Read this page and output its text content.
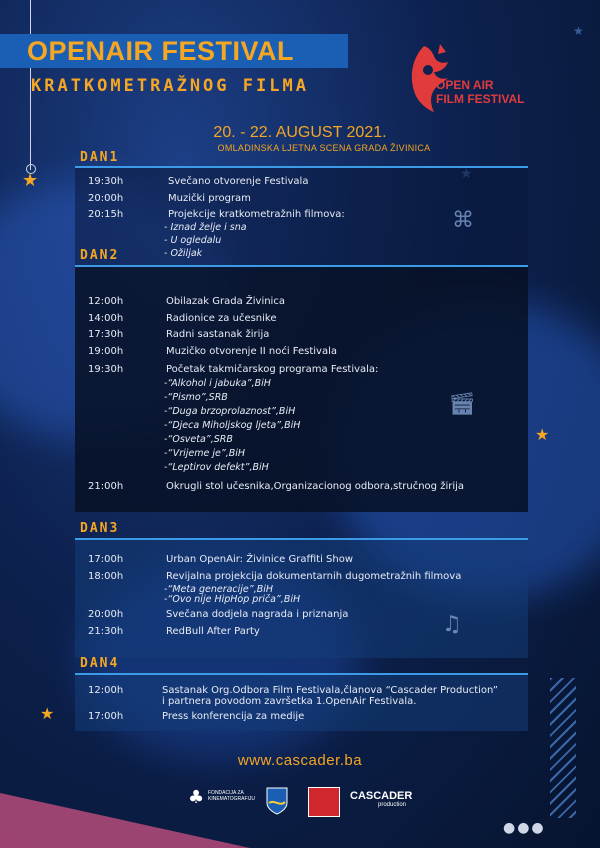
★
★
★
★
OPENAIR FESTIVAL
KRATKOMETRAŽNOG FILMA	OPEN AIR
FILM FESTIVAL
20. - 22. AUGUST 2021.
OMLADINSKA LJETNA SCENA GRADA ŽIVINICA
DAN1
19:30h	Svečano otvorenje Festivala
20:00h	Muzički program
20:15h	Projekcije kratkometražnih filmova:
- Iznad želje i sna
- U ogledalu
- Ožiljak
⌘
DAN2
12:00h	Obilazak Grada Živinica
14:00h	Radionice za učesnike
17:30h	Radni sastanak žirija
19:00h	Muzičko otvorenje II noći Festivala
19:30h	Početak takmičarskog programa Festivala:
-“Alkohol i jabuka”,BiH
-“Pismo”,SRB
-“Duga brzoprolaznost”,BiH
-“Djeca Miholjskog ljeta”,BiH
-“Osveta”,SRB
-“Vrijeme je”,BiH
-“Leptirov defekt”,BiH
21:00h	Okrugli stol učesnika,Organizacionog odbora,stručnog žirija
🎬︎
DAN3
17:00h	Urban OpenAir: Živinice Graffiti Show
18:00h	Revijalna projekcija dokumentarnih dugometražnih filmova
-“Meta generacije”,BiH
-“Ovo nije HipHop priča”,BiH
20:00h	Svečana dodjela nagrada i priznanja
21:30h	RedBull After Party	♫
DAN4
12:00h	Sastanak Org.Odbora Film Festivala,članova “Cascader Production”
i partnera povodom završetka 1.OpenAir Festivala.
17:00h	Press konferencija za medije
www.cascader.ba
♣ FONDACIJA ZA KINEMATOGRAFIJU	CASCADER
production
●●●
